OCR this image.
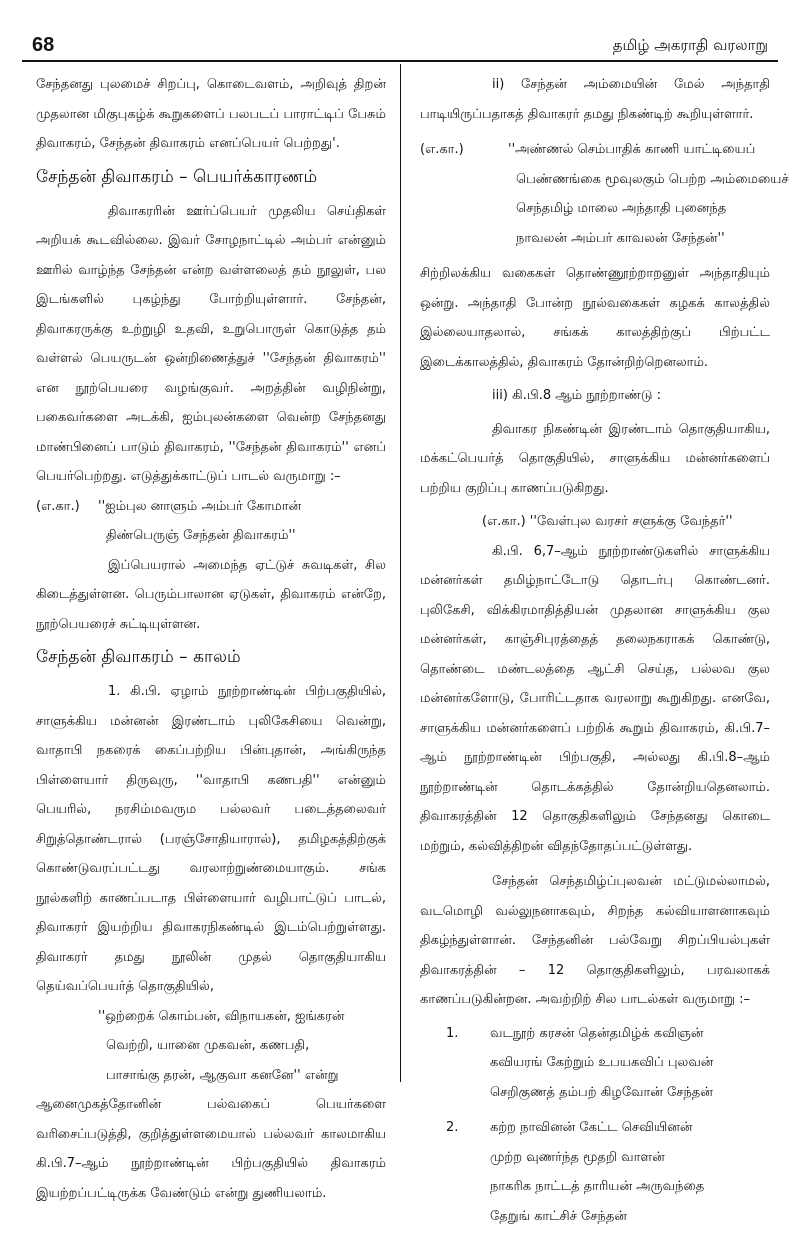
68	தமிழ் அகராதி வரலாறு

சேந்தனது புலமைச் சிறப்பு, கொடைவளம், அறிவுத் திறன் முதலான மிகுபுகழ்க் கூறுகளைப் பலபடப் பாராட்டிப் பேசும் திவாகரம், சேந்தன் திவாகரம் எனப்பெயர் பெற்றது'.

சேந்தன் திவாகரம் – பெயர்க்காரணம்

திவாகரரின் ஊர்ப்பெயர் முதலிய செய்திகள் அறியக் கூடவில்லை. இவர் சோழநாட்டில் அம்பர் என்னும் ஊரில் வாழ்ந்த சேந்தன் என்ற வள்ளலைத் தம் நூலுள், பல இடங்களில் புகழ்ந்து போற்றியுள்ளார். சேந்தன், திவாகரருக்கு உற்றுழி உதவி, உறுபொருள் கொடுத்த தம் வள்ளல் பெயருடன் ஒன்றிணைத்துச் ''சேந்தன் திவாகரம்'' என நூற்பெயரை வழங்குவர். அறத்தின் வழிநின்று, பகைவர்களை அடக்கி, ஐம்புலன்களை வென்ற சேந்தனது மாண்பினைப் பாடும் திவாகரம், ''சேந்தன் திவாகரம்'' எனப் பெயர்பெற்றது. எடுத்துக்காட்டுப் பாடல் வருமாறு :–

(எ.கா.)	''ஐம்புல னாளும் அம்பர் கோமான்
திண்பெருஞ் சேந்தன் திவாகரம்''

இப்பெயரால் அமைந்த ஏட்டுச் சுவடிகள், சில கிடைத்துள்ளன. பெரும்பாலான ஏடுகள், திவாகரம் என்றே, நூற்பெயரைச் சுட்டியுள்ளன.

சேந்தன் திவாகரம் – காலம்

1. கி.பி. ஏழாம் நூற்றாண்டின் பிற்பகுதியில், சாளுக்கிய மன்னன் இரண்டாம் புலிகேசியை வென்று, வாதாபி நகரைக் கைப்பற்றிய பின்புதான், அங்கிருந்த பிள்ளையார் திருவுரு, ''வாதாபி கணபதி'' என்னும் பெயரில், நரசிம்மவரும பல்லவர் படைத்தலைவர் சிறுத்தொண்டரால் (பரஞ்சோதியாரால்), தமிழகத்திற்குக் கொண்டுவரப்பட்டது வரலாற்றுண்மையாகும். சங்க நூல்களிற் காணப்படாத பிள்ளையார் வழிபாட்டுப் பாடல், திவாகரர் இயற்றிய திவாகரநிகண்டில் இடம்பெற்றுள்ளது. திவாகரர் தமது நூலின் முதல் தொகுதியாகிய தெய்வப்பெயர்த் தொகுதியில்,

''ஒற்றைக் கொம்பன், விநாயகன், ஐங்கரன்
வெற்றி, யானை முகவன், கணபதி,
பாசாங்கு தரன், ஆகுவா கனனே'' என்று

ஆனைமுகத்தோனின் பல்வகைப் பெயர்களை வரிசைப்படுத்தி, குறித்துள்ளமையால் பல்லவர் காலமாகிய கி.பி.7–ஆம் நூற்றாண்டின் பிற்பகுதியில் திவாகரம் இயற்றப்பட்டிருக்க வேண்டும் என்று துணியலாம்.

ii) சேந்தன் அம்மையின் மேல் அந்தாதி பாடியிருப்பதாகத் திவாகரர் தமது நிகண்டிற் கூறியுள்ளார்.

(எ.கா.)	''அண்ணல் செம்பாதிக் காணி யாட்டியைப்
பெண்ணங்கை மூவுலகும் பெற்ற அம்மையைச்
செந்தமிழ் மாலை அந்தாதி புனைந்த
நாவலன் அம்பர் காவலன் சேந்தன்''

சிற்றிலக்கிய வகைகள் தொண்ணூற்றாறனுள் அந்தாதியும் ஒன்று. அந்தாதி போன்ற நூல்வகைகள் கழகக் காலத்தில் இல்லையாதலால், சங்கக் காலத்திற்குப் பிற்பட்ட இடைக்காலத்தில், திவாகரம் தோன்றிற்றெனலாம்.

iii) கி.பி.8 ஆம் நூற்றாண்டு :

திவாகர நிகண்டின் இரண்டாம் தொகுதியாகிய, மக்கட்பெயர்த் தொகுதியில், சாளுக்கிய மன்னர்களைப் பற்றிய குறிப்பு காணப்படுகிறது.

(எ.கா.) ''வேள்புல வரசர் சளுக்கு வேந்தர்''

கி.பி. 6,7–ஆம் நூற்றாண்டுகளில் சாளுக்கிய மன்னர்கள் தமிழ்நாட்டோடு தொடர்பு கொண்டனர். புலிகேசி, விக்கிரமாதித்தியன் முதலான சாளுக்கிய குல மன்னர்கள், காஞ்சிபுரத்தைத் தலைநகராகக் கொண்டு, தொண்டை மண்டலத்தை ஆட்சி செய்த, பல்லவ குல மன்னர்களோடு, போரிட்டதாக வரலாறு கூறுகிறது. எனவே, சாளுக்கிய மன்னர்களைப் பற்றிக் கூறும் திவாகரம், கி.பி.7–ஆம் நூற்றாண்டின் பிற்பகுதி, அல்லது கி.பி.8–ஆம் நூற்றாண்டின் தொடக்கத்தில் தோன்றியதெனலாம். திவாகரத்தின் 12 தொகுதிகளிலும் சேந்தனது கொடை மற்றும், கல்வித்திறன் விதந்தோதப்பட்டுள்ளது.

சேந்தன் செந்தமிழ்ப்புலவன் மட்டுமல்லாமல், வடமொழி வல்லுநனாகவும், சிறந்த கல்வியாளனாகவும் திகழ்ந்துள்ளான். சேந்தனின் பல்வேறு சிறப்பியல்புகள் திவாகரத்தின் – 12 தொகுதிகளிலும், பரவலாகக் காணப்படுகின்றன. அவற்றிற் சில பாடல்கள் வருமாறு :–

1.	வடநூற் கரசன் தென்தமிழ்க் கவிஞன்
கவியரங் கேற்றும் உபயகவிப் புலவன்
செறிகுணத் தம்பற் கிழவோன் சேந்தன்
2.	கற்ற நாவினன் கேட்ட செவியினன்
முற்ற வுணர்ந்த மூதறி வாளன்
நாகரிக நாட்டத் தாரியன் அருவந்தை
தேறுங் காட்சிச் சேந்தன்
